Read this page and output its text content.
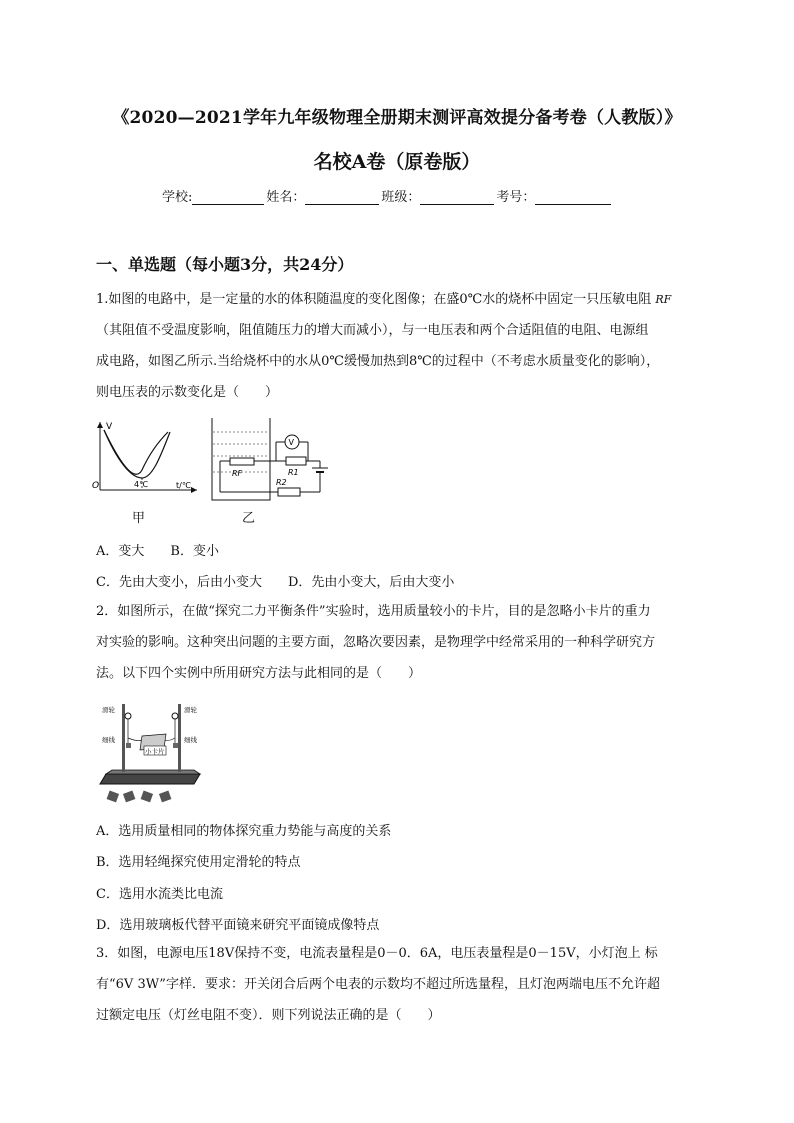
《2020—2021学年九年级物理全册期末测评高效提分备考卷（人教版）》
名校A卷（原卷版）
学校:	姓名：	班级：	考号：
一、单选题（每小题3分，共24分）
1.如图的电路中，是一定量的水的体积随温度的变化图像；在盛0℃水的烧杯中固定一只压敏电阻 RF
（其阻值不受温度影响，阻值随压力的增大而减小），与一电压表和两个合适阻值的电阻、电源组
成电路，如图乙所示.当给烧杯中的水从0℃缓慢加热到8℃的过程中（不考虑水质量变化的影响），
则电压表的示数变化是（　　）
V
O	4℃	t/℃
甲
RF
V
R1
R2
乙
A．变大 B．变小
C．先由大变小，后由小变大 D．先由小变大，后由大变小
2．如图所示，在做“探究二力平衡条件”实验时，选用质量较小的卡片，目的是忽略小卡片的重力
对实验的影响。这种突出问题的主要方面，忽略次要因素，是物理学中经常采用的一种科学研究方
法。以下四个实例中所用研究方法与此相同的是（　　）
小卡片
滑轮	滑轮
细线	细线
A．选用质量相同的物体探究重力势能与高度的关系
B．选用轻绳探究使用定滑轮的特点
C．选用水流类比电流
D．选用玻璃板代替平面镜来研究平面镜成像特点
3．如图，电源电压18V保持不变，电流表量程是0－0．6A，电压表量程是0－15V，小灯泡上 标
有“6V 3W”字样．要求：开关闭合后两个电表的示数均不超过所选量程，且灯泡两端电压不允许超
过额定电压（灯丝电阻不变）．则下列说法正确的是（　　）
